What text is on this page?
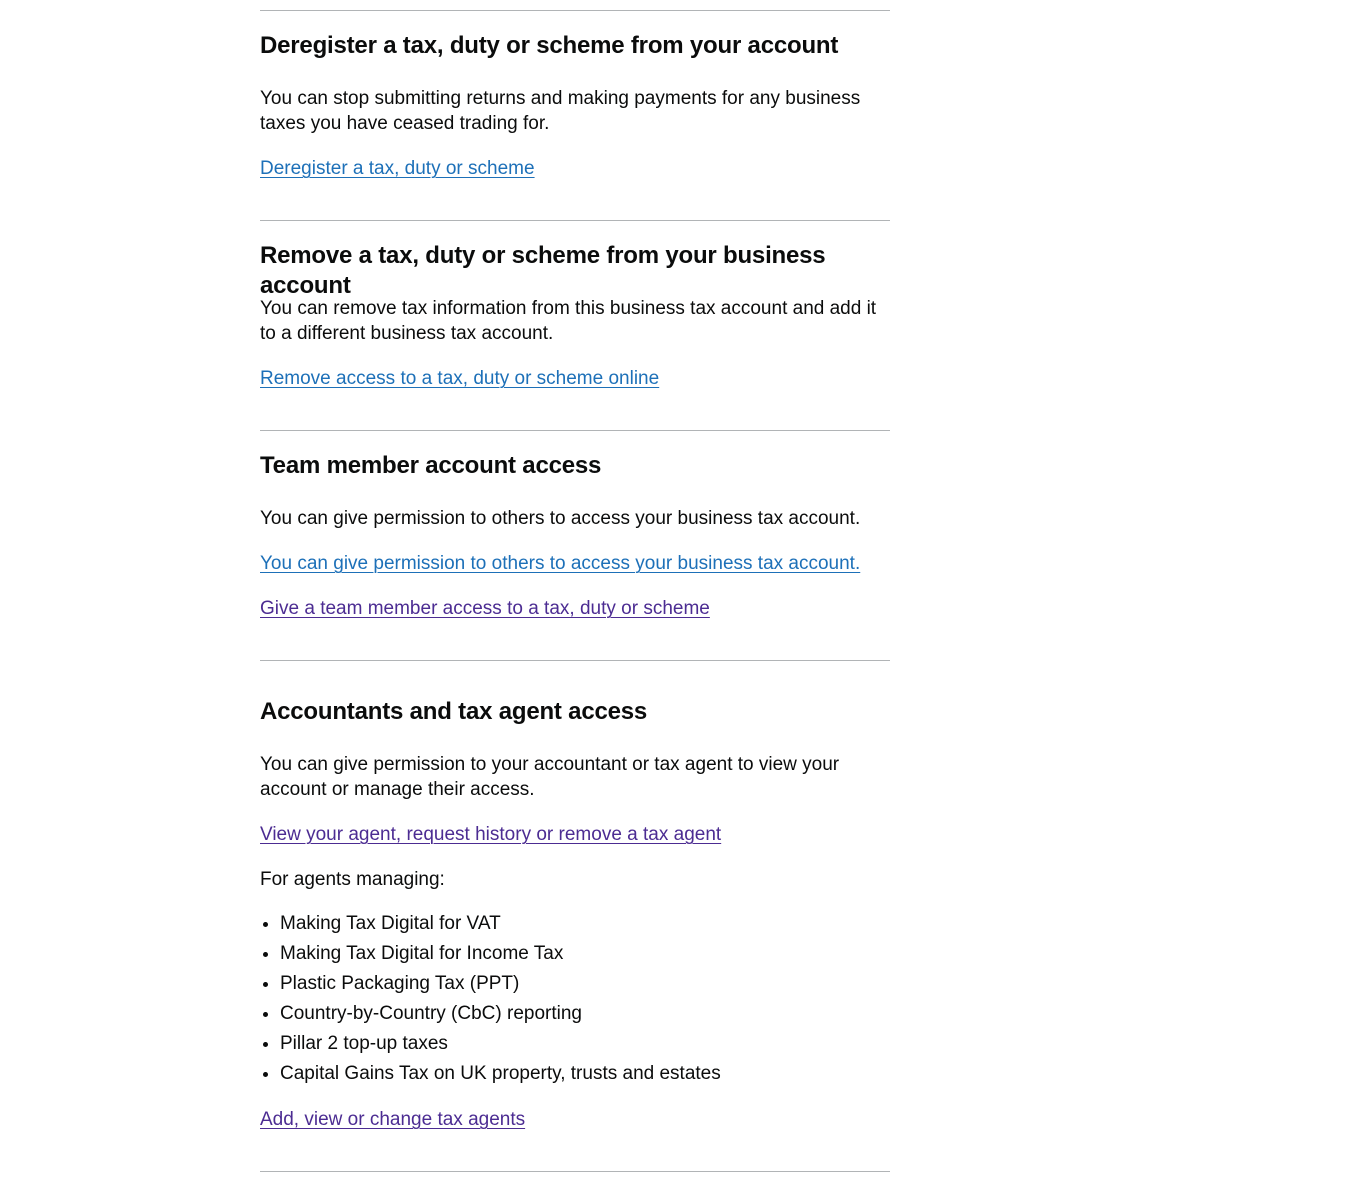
Deregister a tax, duty or scheme from your account

You can stop submitting returns and making payments for any business taxes you have ceased trading for.

Deregister a tax, duty or scheme
Remove a tax, duty or scheme from your business account

You can remove tax information from this business tax account and add it to a different business tax account.

Remove access to a tax, duty or scheme online
Team member account access

You can give permission to others to access your business tax account.

You can give permission to others to access your business tax account.
Give a team member access to a tax, duty or scheme
Accountants and tax agent access

You can give permission to your accountant or tax agent to view your account or manage their access.

View your agent, request history or remove a tax agent

For agents managing:

• Making Tax Digital for VAT
• Making Tax Digital for Income Tax
• Plastic Packaging Tax (PPT)
• Country-by-Country (CbC) reporting
• Pillar 2 top-up taxes
• Capital Gains Tax on UK property, trusts and estates
Add, view or change tax agents
